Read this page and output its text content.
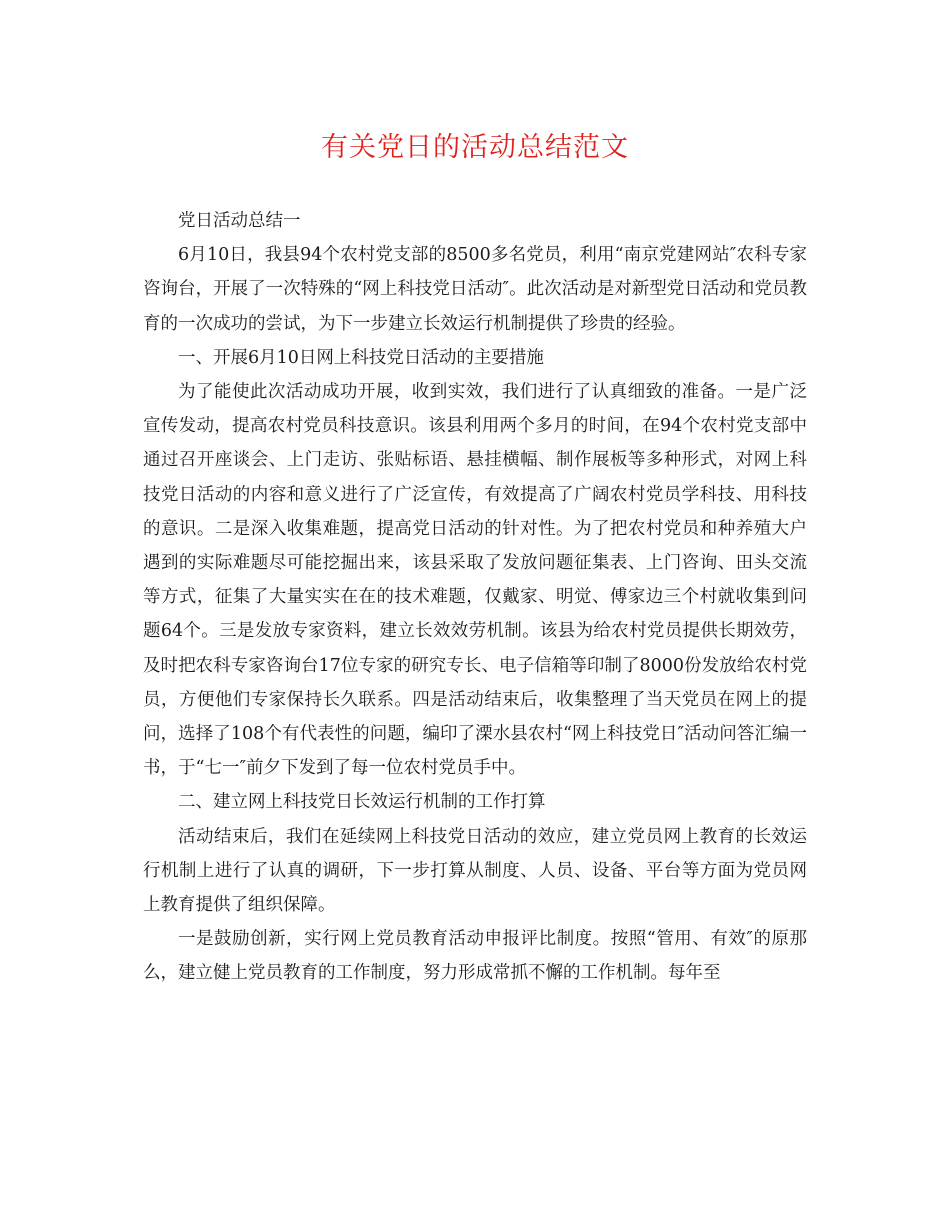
有关党日的活动总结范文

党日活动总结一

6月10日，我县94个农村党支部的8500多名党员，利用“南京党建网站″农科专家咨询台，开展了一次特殊的“网上科技党日活动″。此次活动是对新型党日活动和党员教育的一次成功的尝试，为下一步建立长效运行机制提供了珍贵的经验。

一、开展6月10日网上科技党日活动的主要措施

为了能使此次活动成功开展，收到实效，我们进行了认真细致的准备。一是广泛宣传发动，提高农村党员科技意识。该县利用两个多月的时间，在94个农村党支部中通过召开座谈会、上门走访、张贴标语、悬挂横幅、制作展板等多种形式，对网上科技党日活动的内容和意义进行了广泛宣传，有效提高了广阔农村党员学科技、用科技的意识。二是深入收集难题，提高党日活动的针对性。为了把农村党员和种养殖大户遇到的实际难题尽可能挖掘出来，该县采取了发放问题征集表、上门咨询、田头交流等方式，征集了大量实实在在的技术难题，仅戴家、明觉、傅家边三个村就收集到问题64个。三是发放专家资料，建立长效效劳机制。该县为给农村党员提供长期效劳，及时把农科专家咨询台17位专家的研究专长、电子信箱等印制了8000份发放给农村党员，方便他们专家保持长久联系。四是活动结束后，收集整理了当天党员在网上的提问，选择了108个有代表性的问题，编印了溧水县农村“网上科技党日″活动问答汇编一书，于“七一″前夕下发到了每一位农村党员手中。

二、建立网上科技党日长效运行机制的工作打算

活动结束后，我们在延续网上科技党日活动的效应，建立党员网上教育的长效运行机制上进行了认真的调研，下一步打算从制度、人员、设备、平台等方面为党员网上教育提供了组织保障。

一是鼓励创新，实行网上党员教育活动申报评比制度。按照“管用、有效″的原那么，建立健上党员教育的工作制度，努力形成常抓不懈的工作机制。每年至
